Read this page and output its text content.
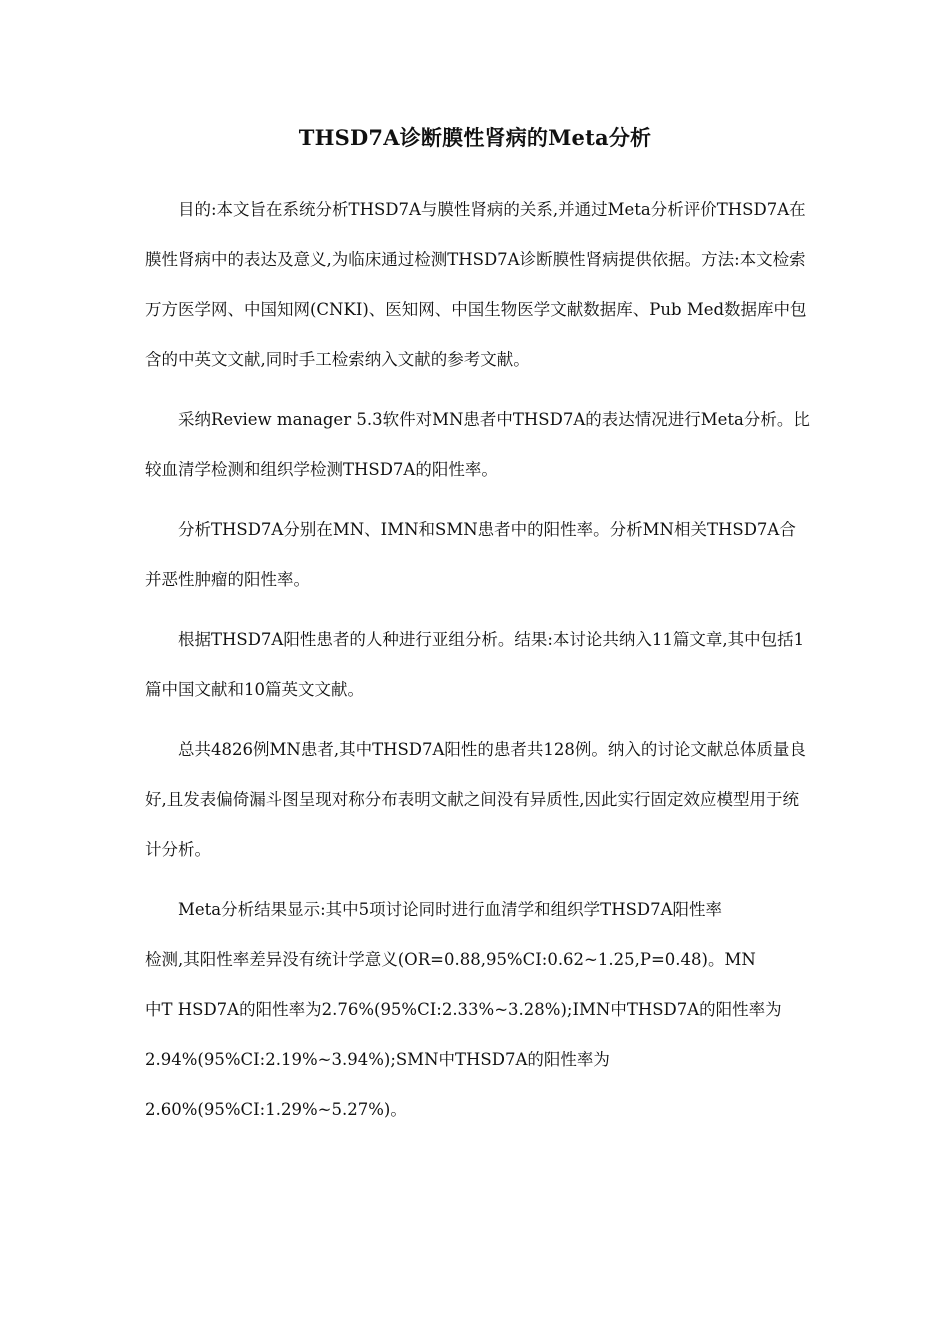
THSD7A诊断膜性肾病的Meta分析

目的:本文旨在系统分析THSD7A与膜性肾病的关系,并通过Meta分析评价THSD7A在膜性肾病中的表达及意义,为临床通过检测THSD7A诊断膜性肾病提供依据。方法:本文检索万方医学网、中国知网(CNKI)、医知网、中国生物医学文献数据库、Pub Med数据库中包含的中英文文献,同时手工检索纳入文献的参考文献。

采纳Review manager 5.3软件对MN患者中THSD7A的表达情况进行Meta分析。比较血清学检测和组织学检测THSD7A的阳性率。

分析THSD7A分别在MN、IMN和SMN患者中的阳性率。分析MN相关THSD7A合并恶性肿瘤的阳性率。

根据THSD7A阳性患者的人种进行亚组分析。结果:本讨论共纳入11篇文章,其中包括1篇中国文献和10篇英文文献。

总共4826例MN患者,其中THSD7A阳性的患者共128例。纳入的讨论文献总体质量良好,且发表偏倚漏斗图呈现对称分布表明文献之间没有异质性,因此实行固定效应模型用于统计分析。

Meta分析结果显示:其中5项讨论同时进行血清学和组织学THSD7A阳性率
检测,其阳性率差异没有统计学意义(OR=0.88,95%CI:0.62~1.25,P=0.48)。MN
中T HSD7A的阳性率为2.76%(95%CI:2.33%~3.28%);IMN中THSD7A的阳性率为
2.94%(95%CI:2.19%~3.94%);SMN中THSD7A的阳性率为
2.60%(95%CI:1.29%~5.27%)。
